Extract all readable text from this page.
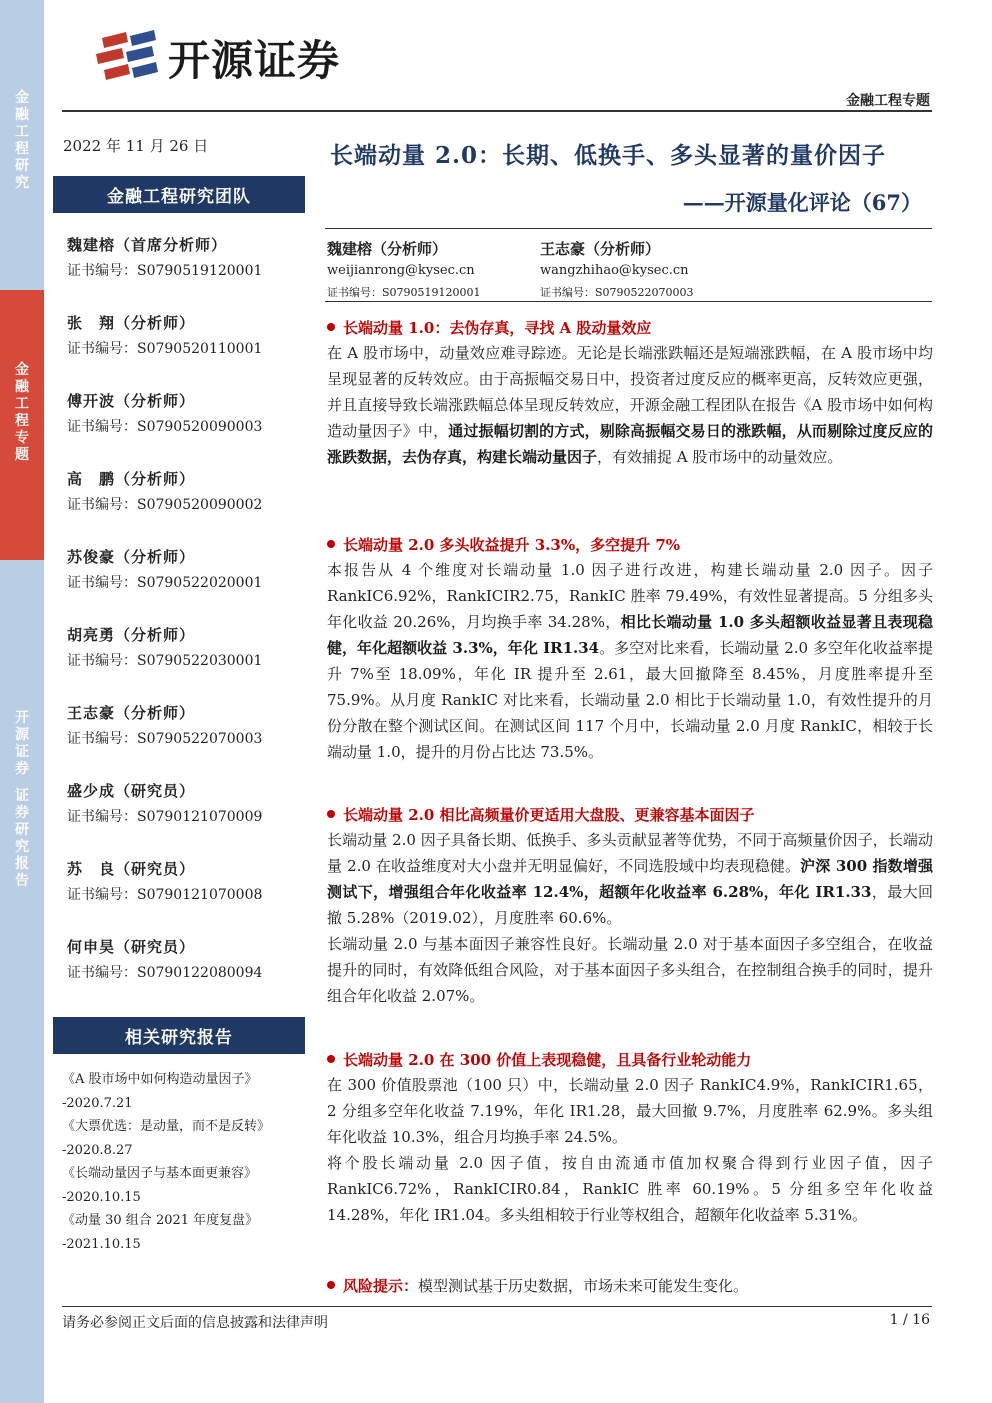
金
融
工
程
研
究
金
融
工
程
专
题
开
源
证
券
证
券
研
究
报
告
开源证券
金融工程专题
2022 年 11 月 26 日	长端动量 2.0：长期、低换手、多头显著的量价因子
——开源量化评论（67）
金融工程研究团队
魏建榕（首席分析师）
证书编号：S0790519120001
张　翔（分析师）
证书编号：S0790520110001
傅开波（分析师）
证书编号：S0790520090003
高　鹏（分析师）
证书编号：S0790520090002
苏俊豪（分析师）
证书编号：S0790522020001
胡亮勇（分析师）
证书编号：S0790522030001
王志豪（分析师）
证书编号：S0790522070003
盛少成（研究员）
证书编号：S0790121070009
苏　良（研究员）
证书编号：S0790121070008
何申昊（研究员）
证书编号：S0790122080094
相关研究报告
《A 股市场中如何构造动量因子》
-2020.7.21
《大票优选：是动量，而不是反转》
-2020.8.27
《长端动量因子与基本面更兼容》
-2020.10.15
《动量 30 组合 2021 年度复盘》
-2021.10.15
魏建榕（分析师）
weijianrong@kysec.cn
证书编号：S0790519120001
王志豪（分析师）
wangzhihao@kysec.cn
证书编号：S0790522070003
长端动量 1.0：去伪存真，寻找 A 股动量效应
在 A 股市场中，动量效应难寻踪迹。无论是长端涨跌幅还是短端涨跌幅，在 A 股市场中均呈现显著的反转效应。由于高振幅交易日中，投资者过度反应的概率更高，反转效应更强，并且直接导致长端涨跌幅总体呈现反转效应，开源金融工程团队在报告《A 股市场中如何构造动量因子》中，通过振幅切割的方式，剔除高振幅交易日的涨跌幅，从而剔除过度反应的涨跌数据，去伪存真，构建长端动量因子，有效捕捉 A 股市场中的动量效应。
长端动量 2.0 多头收益提升 3.3%，多空提升 7%
本报告从 4 个维度对长端动量 1.0 因子进行改进，构建长端动量 2.0 因子。因子 RankIC6.92%，RankICIR2.75，RankIC 胜率 79.49%，有效性显著提高。5 分组多头年化收益 20.26%，月均换手率 34.28%，相比长端动量 1.0 多头超额收益显著且表现稳健，年化超额收益 3.3%，年化 IR1.34。多空对比来看，长端动量 2.0 多空年化收益率提升 7%至 18.09%，年化 IR 提升至 2.61，最大回撤降至 8.45%，月度胜率提升至 75.9%。从月度 RankIC 对比来看，长端动量 2.0 相比于长端动量 1.0，有效性提升的月份分散在整个测试区间。在测试区间 117 个月中，长端动量 2.0 月度 RankIC，相较于长端动量 1.0，提升的月份占比达 73.5%。
长端动量 2.0 相比高频量价更适用大盘股、更兼容基本面因子
长端动量 2.0 因子具备长期、低换手、多头贡献显著等优势，不同于高频量价因子，长端动量 2.0 在收益维度对大小盘并无明显偏好，不同选股域中均表现稳健。沪深 300 指数增强测试下，增强组合年化收益率 12.4%，超额年化收益率 6.28%，年化 IR1.33，最大回撤 5.28%（2019.02），月度胜率 60.6%。
长端动量 2.0 与基本面因子兼容性良好。长端动量 2.0 对于基本面因子多空组合，在收益提升的同时，有效降低组合风险，对于基本面因子多头组合，在控制组合换手的同时，提升组合年化收益 2.07%。
长端动量 2.0 在 300 价值上表现稳健，且具备行业轮动能力
在 300 价值股票池（100 只）中，长端动量 2.0 因子 RankIC4.9%，RankICIR1.65，2 分组多空年化收益 7.19%，年化 IR1.28，最大回撤 9.7%，月度胜率 62.9%。多头组年化收益 10.3%，组合月均换手率 24.5%。
将个股长端动量 2.0 因子值，按自由流通市值加权聚合得到行业因子值，因子 RankIC6.72%，RankICIR0.84，RankIC 胜率 60.19%。5 分组多空年化收益 14.28%，年化 IR1.04。多头组相较于行业等权组合，超额年化收益率 5.31%。
风险提示： 模型测试基于历史数据，市场未来可能发生变化。
请务必参阅正文后面的信息披露和法律声明	1 / 16
